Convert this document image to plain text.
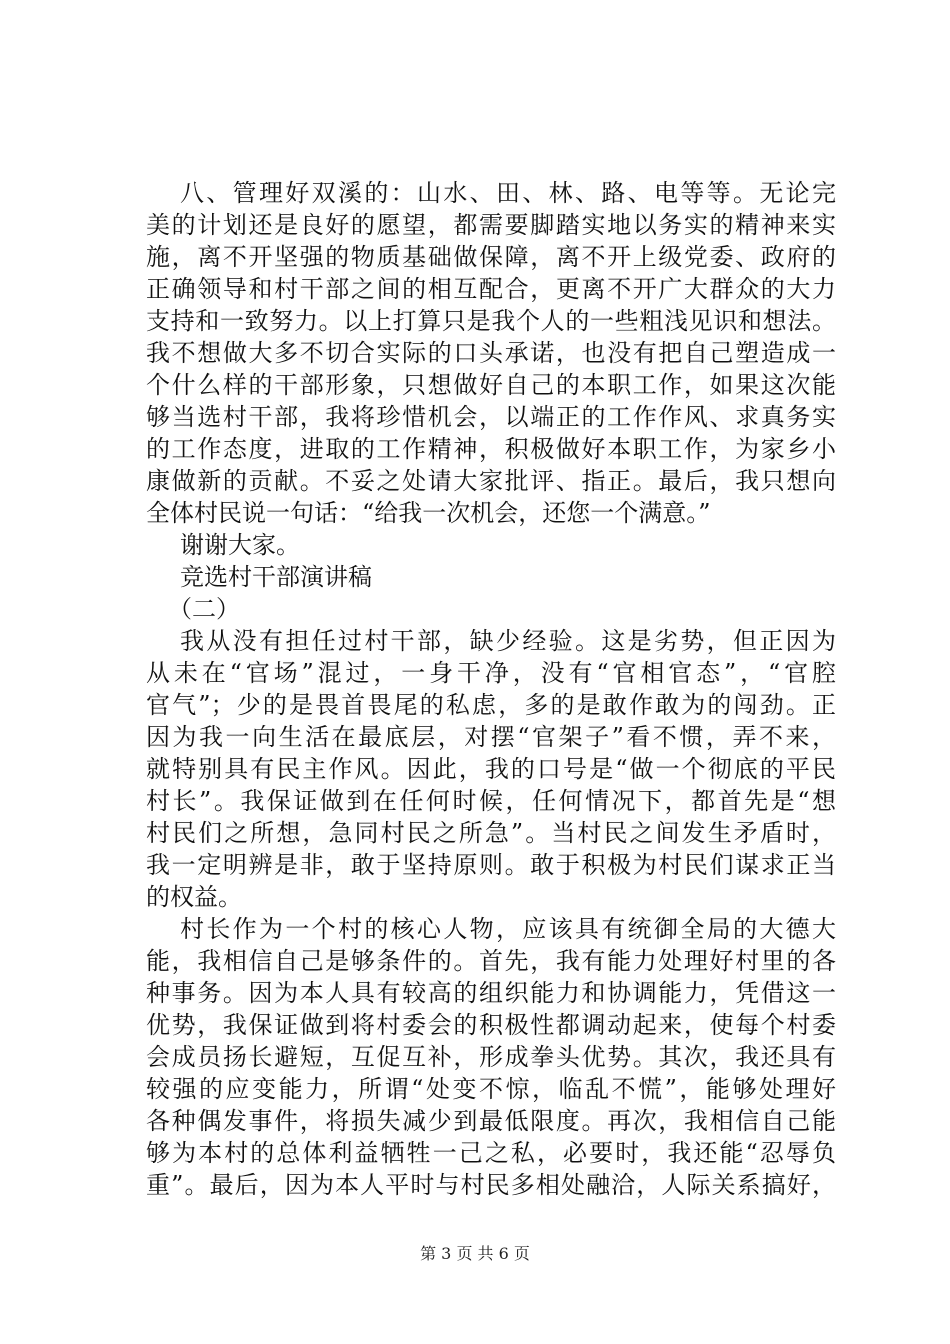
八、管理好双溪的：山水、田、林、路、电等等。无论完
美的计划还是良好的愿望，都需要脚踏实地以务实的精神来实
施，离不开坚强的物质基础做保障，离不开上级党委、政府的
正确领导和村干部之间的相互配合，更离不开广大群众的大力
支持和一致努力。以上打算只是我个人的一些粗浅见识和想法。
我不想做大多不切合实际的口头承诺，也没有把自己塑造成一
个什么样的干部形象，只想做好自己的本职工作，如果这次能
够当选村干部，我将珍惜机会，以端正的工作作风、求真务实
的工作态度，进取的工作精神，积极做好本职工作，为家乡小
康做新的贡献。不妥之处请大家批评、指正。最后，我只想向
全体村民说一句话：“给我一次机会，还您一个满意。”
谢谢大家。
竞选村干部演讲稿
（二）
我从没有担任过村干部，缺少经验。这是劣势，但正因为
从未在“官场”混过，一身干净，没有“官相官态”，“官腔
官气”；少的是畏首畏尾的私虑，多的是敢作敢为的闯劲。正
因为我一向生活在最底层，对摆“官架子”看不惯，弄不来，
就特别具有民主作风。因此，我的口号是“做一个彻底的平民
村长”。我保证做到在任何时候，任何情况下，都首先是“想
村民们之所想，急同村民之所急”。当村民之间发生矛盾时，
我一定明辨是非，敢于坚持原则。敢于积极为村民们谋求正当
的权益。
村长作为一个村的核心人物，应该具有统御全局的大德大
能，我相信自己是够条件的。首先，我有能力处理好村里的各
种事务。因为本人具有较高的组织能力和协调能力，凭借这一
优势，我保证做到将村委会的积极性都调动起来，使每个村委
会成员扬长避短，互促互补，形成拳头优势。其次，我还具有
较强的应变能力，所谓“处变不惊，临乱不慌”，能够处理好
各种偶发事件，将损失减少到最低限度。再次，我相信自己能
够为本村的总体利益牺牲一己之私，必要时，我还能“忍辱负
重”。最后，因为本人平时与村民多相处融洽，人际关系搞好，
第 3 页 共 6 页
